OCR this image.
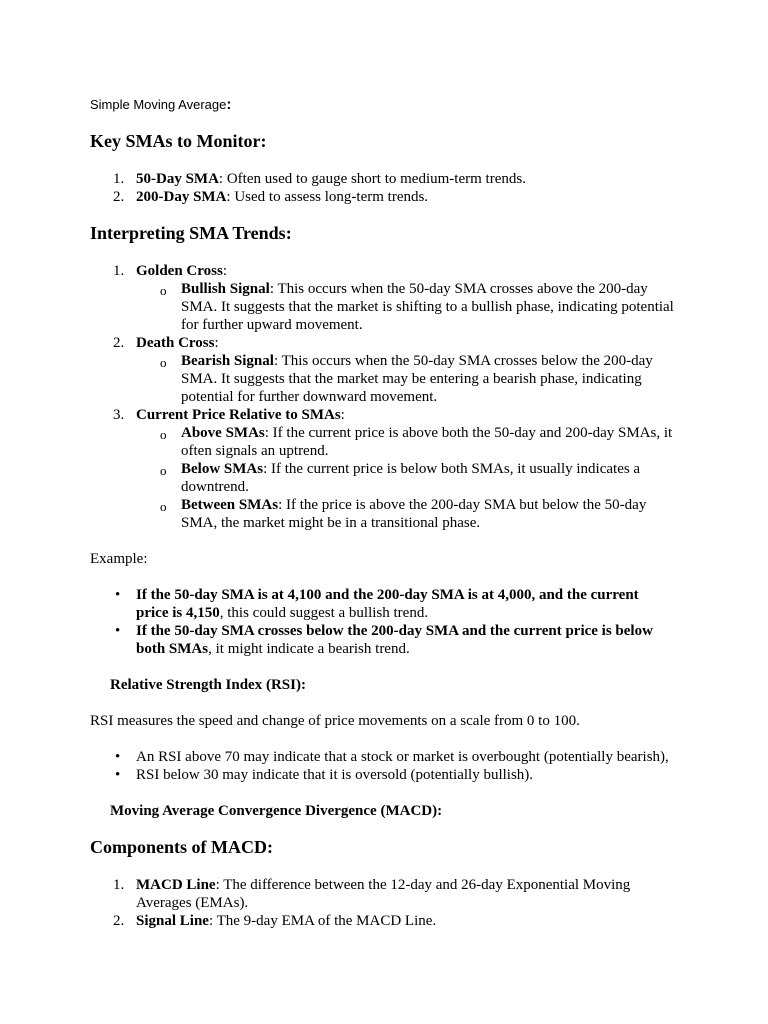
Simple Moving Average:

Key SMAs to Monitor:

1. 50-Day SMA: Often used to gauge short to medium-term trends.

2. 200-Day SMA: Used to assess long-term trends.

Interpreting SMA Trends:

1. Golden Cross:

o Bullish Signal: This occurs when the 50-day SMA crosses above the 200-day

SMA. It suggests that the market is shifting to a bullish phase, indicating potential

for further upward movement.

2. Death Cross:

o Bearish Signal: This occurs when the 50-day SMA crosses below the 200-day

SMA. It suggests that the market may be entering a bearish phase, indicating

potential for further downward movement.

3. Current Price Relative to SMAs:

o Above SMAs: If the current price is above both the 50-day and 200-day SMAs, it

often signals an uptrend.

o Below SMAs: If the current price is below both SMAs, it usually indicates a

downtrend.

o Between SMAs: If the price is above the 200-day SMA but below the 50-day

SMA, the market might be in a transitional phase.

Example:

• If the 50-day SMA is at 4,100 and the 200-day SMA is at 4,000, and the current

price is 4,150, this could suggest a bullish trend.

• If the 50-day SMA crosses below the 200-day SMA and the current price is below

both SMAs, it might indicate a bearish trend.

Relative Strength Index (RSI):

RSI measures the speed and change of price movements on a scale from 0 to 100.

• An RSI above 70 may indicate that a stock or market is overbought (potentially bearish),

• RSI below 30 may indicate that it is oversold (potentially bullish).

Moving Average Convergence Divergence (MACD):

Components of MACD:

1. MACD Line: The difference between the 12-day and 26-day Exponential Moving

Averages (EMAs).

2. Signal Line: The 9-day EMA of the MACD Line.
